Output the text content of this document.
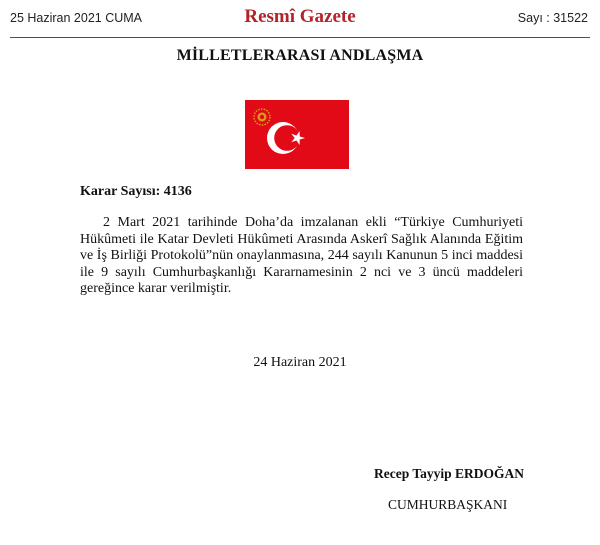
25 Haziran 2021 CUMA	Resmî Gazete	Sayı : 31522
MİLLETLERARASI ANDLAŞMA
Karar Sayısı: 4136
2 Mart 2021 tarihinde Doha’da imzalanan ekli “Türkiye Cumhuriyeti Hükûmeti ile Katar Devleti Hükûmeti Arasında Askerî Sağlık Alanında Eğitim ve İş Birliği Protokolü”nün onaylanmasına, 244 sayılı Kanunun 5 inci maddesi ile 9 sayılı Cumhurbaşkanlığı Kararnamesinin 2 nci ve 3 üncü maddeleri gereğince karar verilmiştir.
24 Haziran 2021
Recep Tayyip ERDOĞAN
CUMHURBAŞKANI
